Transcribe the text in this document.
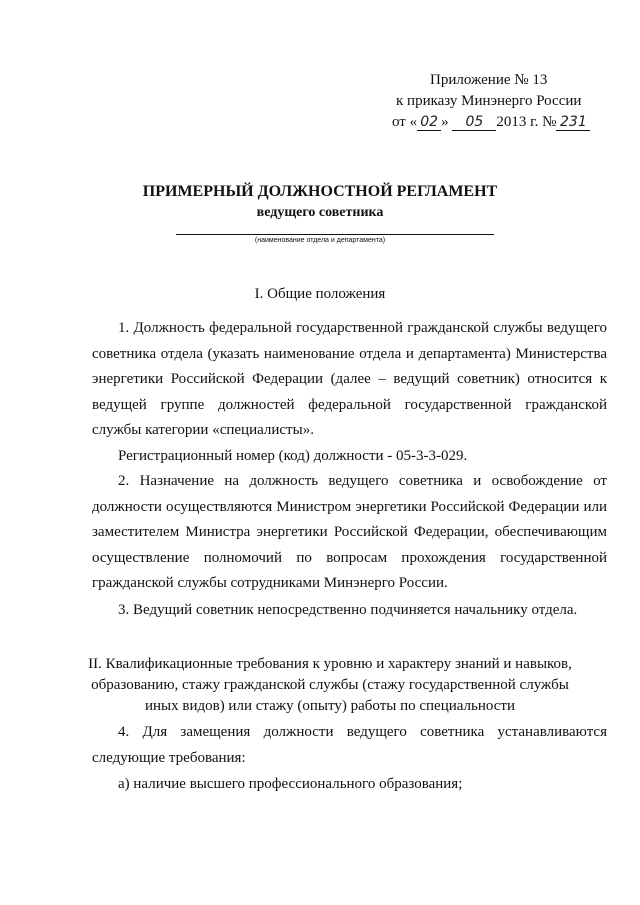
Приложение № 13
к приказу Минэнерго России
от « 02 » 05 2013 г. № 231
ПРИМЕРНЫЙ ДОЛЖНОСТНОЙ РЕГЛАМЕНТ
ведущего советника
(наименование отдела и департамента)
I. Общие положения
1. Должность федеральной государственной гражданской службы ведущего советника отдела (указать наименование отдела и департамента) Министерства энергетики Российской Федерации (далее – ведущий советник) относится к ведущей группе должностей федеральной государственной гражданской службы категории «специалисты».
Регистрационный номер (код) должности - 05-3-3-029.
2. Назначение на должность ведущего советника и освобождение от должности осуществляются Министром энергетики Российской Федерации или заместителем Министра энергетики Российской Федерации, обеспечивающим осуществление полномочий по вопросам прохождения государственной гражданской службы сотрудниками Минэнерго России.
3. Ведущий советник непосредственно подчиняется начальнику отдела.
II. Квалификационные требования к уровню и характеру знаний и навыков, образованию, стажу гражданской службы (стажу государственной службы иных видов) или стажу (опыту) работы по специальности
4. Для замещения должности ведущего советника устанавливаются следующие требования:
а) наличие высшего профессионального образования;
